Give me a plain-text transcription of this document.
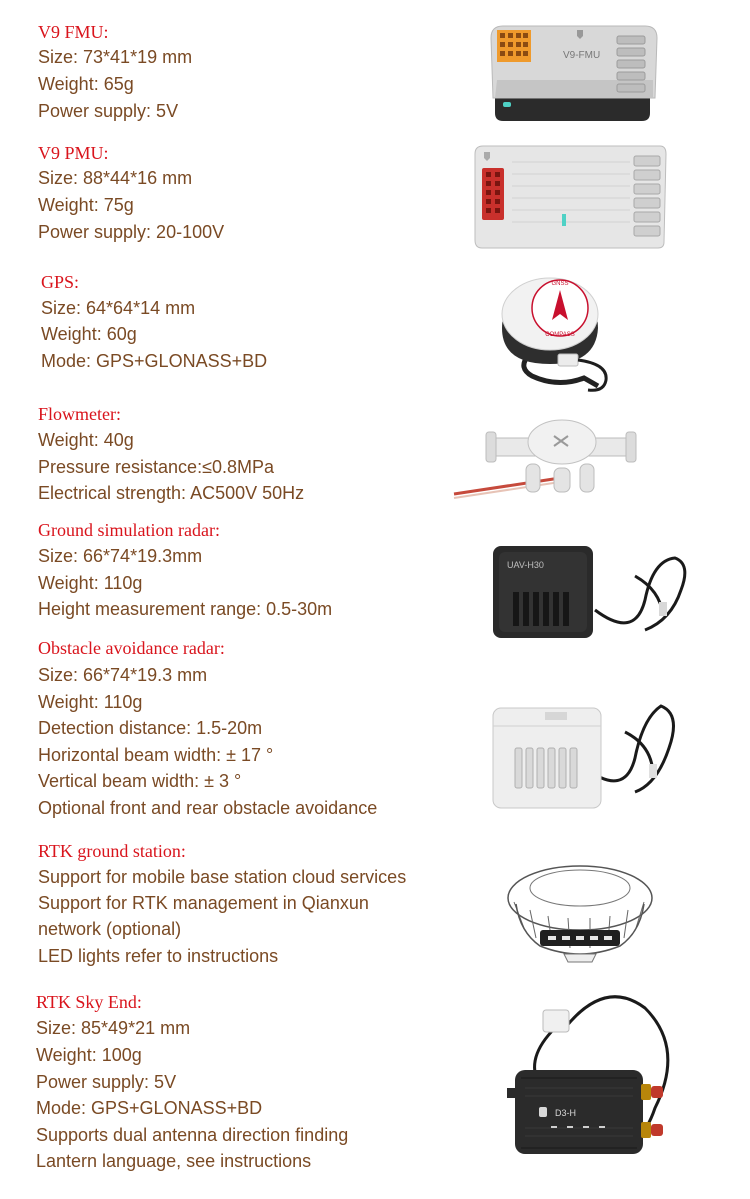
V9 FMU:
Size: 73*41*19 mm
Weight: 65g
Power supply: 5V
V9-FMU
V9 PMU:
Size: 88*44*16 mm
Weight: 75g
Power supply: 20-100V
GPS:
Size: 64*64*14 mm
Weight: 60g
Mode: GPS+GLONASS+BD
GNSS
COMPASS
Flowmeter:
Weight: 40g
Pressure resistance:≤0.8MPa
Electrical strength: AC500V 50Hz
Ground simulation radar:
Size: 66*74*19.3mm
Weight: 110g
Height measurement range: 0.5-30m
UAV-H30
Obstacle avoidance radar:
Size: 66*74*19.3 mm
Weight: 110g
Detection distance: 1.5-20m
Horizontal beam width: ± 17 °
Vertical beam width: ± 3 °
Optional front and rear obstacle avoidance
RTK ground station:
Support for mobile base station cloud services
Support for RTK management in Qianxun
network (optional)
LED lights refer to instructions
RTK Sky End:
Size: 85*49*21 mm
Weight: 100g
Power supply: 5V
Mode: GPS+GLONASS+BD
Supports dual antenna direction finding
Lantern language, see instructions
D3-H
